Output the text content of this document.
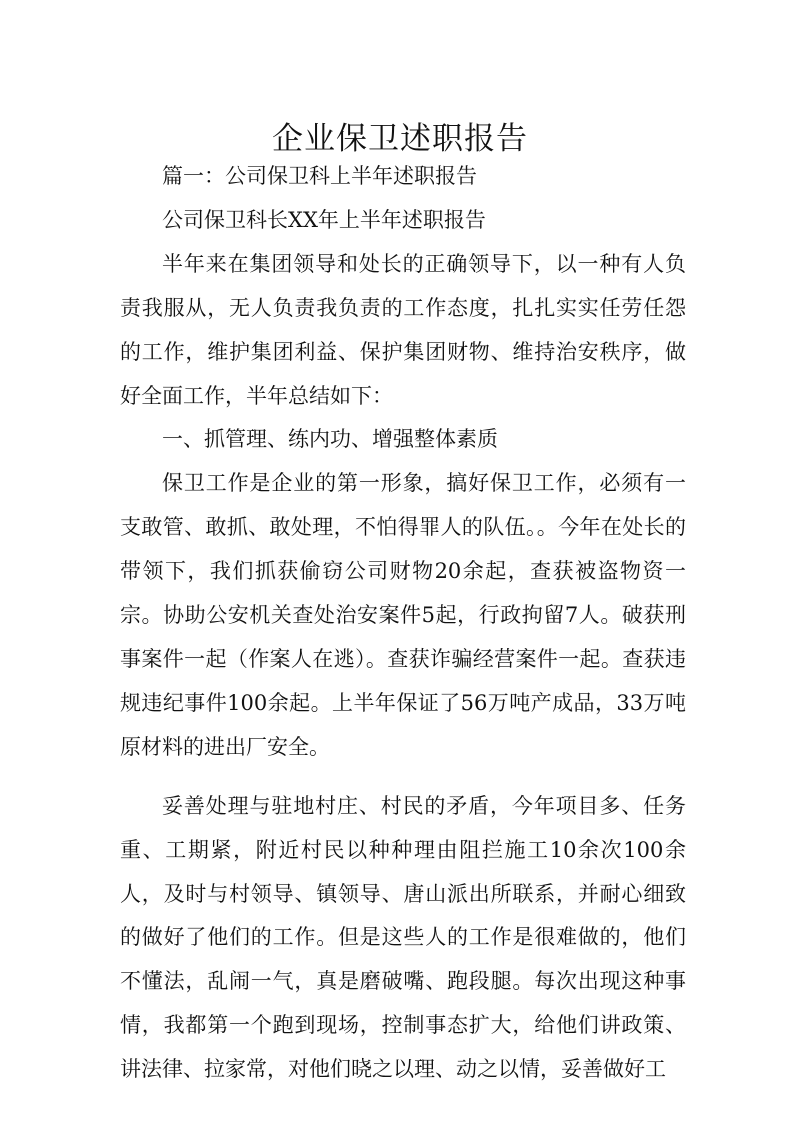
企业保卫述职报告

篇一：公司保卫科上半年述职报告

公司保卫科长XX年上半年述职报告

半年来在集团领导和处长的正确领导下，以一种有人负责我服从，无人负责我负责的工作态度，扎扎实实任劳任怨的工作，维护集团利益、保护集团财物、维持治安秩序，做好全面工作，半年总结如下：

一、抓管理、练内功、增强整体素质

保卫工作是企业的第一形象，搞好保卫工作，必须有一支敢管、敢抓、敢处理，不怕得罪人的队伍。。今年在处长的带领下，我们抓获偷窃公司财物20余起，查获被盗物资一宗。协助公安机关查处治安案件5起，行政拘留7人。破获刑事案件一起（作案人在逃）。查获诈骗经营案件一起。查获违规违纪事件100余起。上半年保证了56万吨产成品，33万吨原材料的进出厂安全。

妥善处理与驻地村庄、村民的矛盾，今年项目多、任务重、工期紧，附近村民以种种理由阻拦施工10余次100余人，及时与村领导、镇领导、唐山派出所联系，并耐心细致的做好了他们的工作。但是这些人的工作是很难做的，他们不懂法，乱闹一气，真是磨破嘴、跑段腿。每次出现这种事情，我都第一个跑到现场，控制事态扩大，给他们讲政策、讲法律、拉家常，对他们晓之以理、动之以情，妥善做好工
